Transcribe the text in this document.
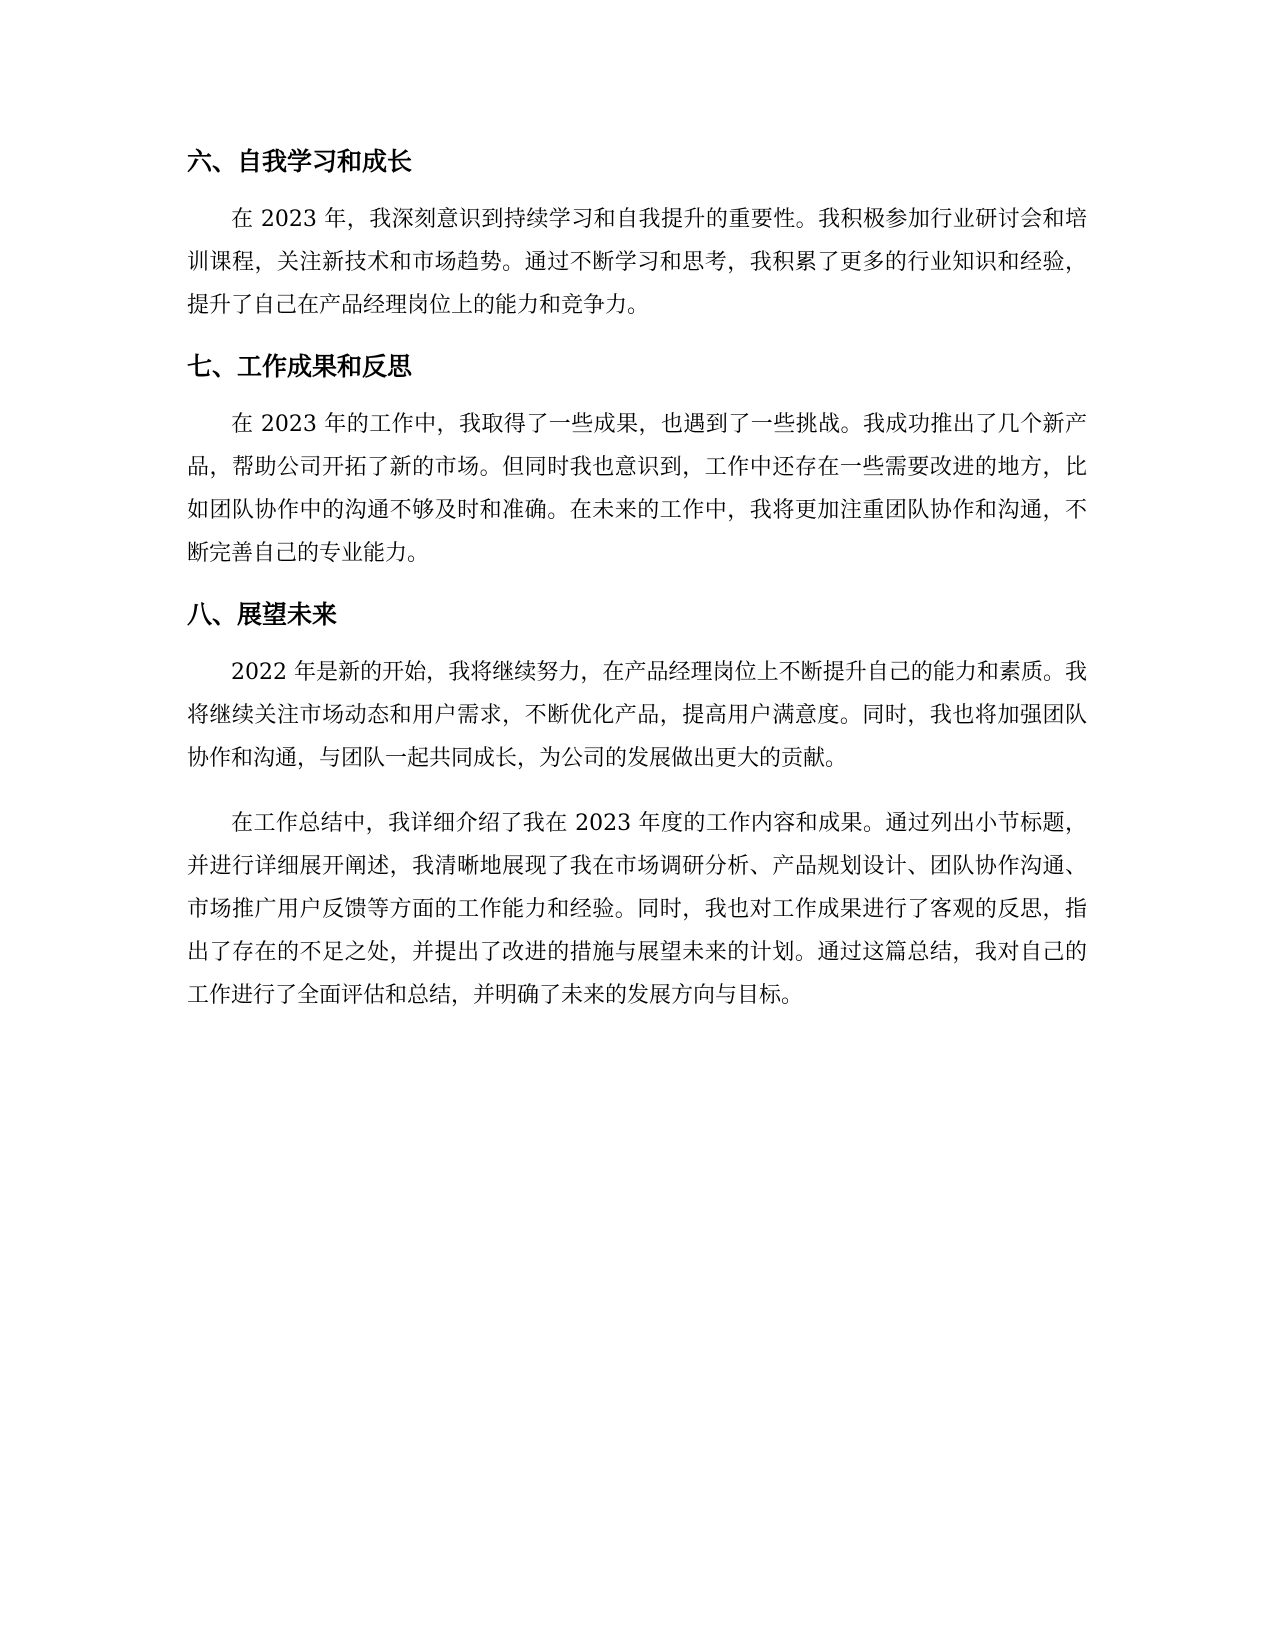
六、自我学习和成长

在 2023 年，我深刻意识到持续学习和自我提升的重要性。我积极参加行业研讨会和培训课程，关注新技术和市场趋势。通过不断学习和思考，我积累了更多的行业知识和经验，提升了自己在产品经理岗位上的能力和竞争力。

七、工作成果和反思

在 2023 年的工作中，我取得了一些成果，也遇到了一些挑战。我成功推出了几个新产品，帮助公司开拓了新的市场。但同时我也意识到，工作中还存在一些需要改进的地方，比如团队协作中的沟通不够及时和准确。在未来的工作中，我将更加注重团队协作和沟通，不断完善自己的专业能力。

八、展望未来

2022 年是新的开始，我将继续努力，在产品经理岗位上不断提升自己的能力和素质。我将继续关注市场动态和用户需求，不断优化产品，提高用户满意度。同时，我也将加强团队协作和沟通，与团队一起共同成长，为公司的发展做出更大的贡献。

在工作总结中，我详细介绍了我在 2023 年度的工作内容和成果。通过列出小节标题，并进行详细展开阐述，我清晰地展现了我在市场调研分析、产品规划设计、团队协作沟通、市场推广用户反馈等方面的工作能力和经验。同时，我也对工作成果进行了客观的反思，指出了存在的不足之处，并提出了改进的措施与展望未来的计划。通过这篇总结，我对自己的工作进行了全面评估和总结，并明确了未来的发展方向与目标。
